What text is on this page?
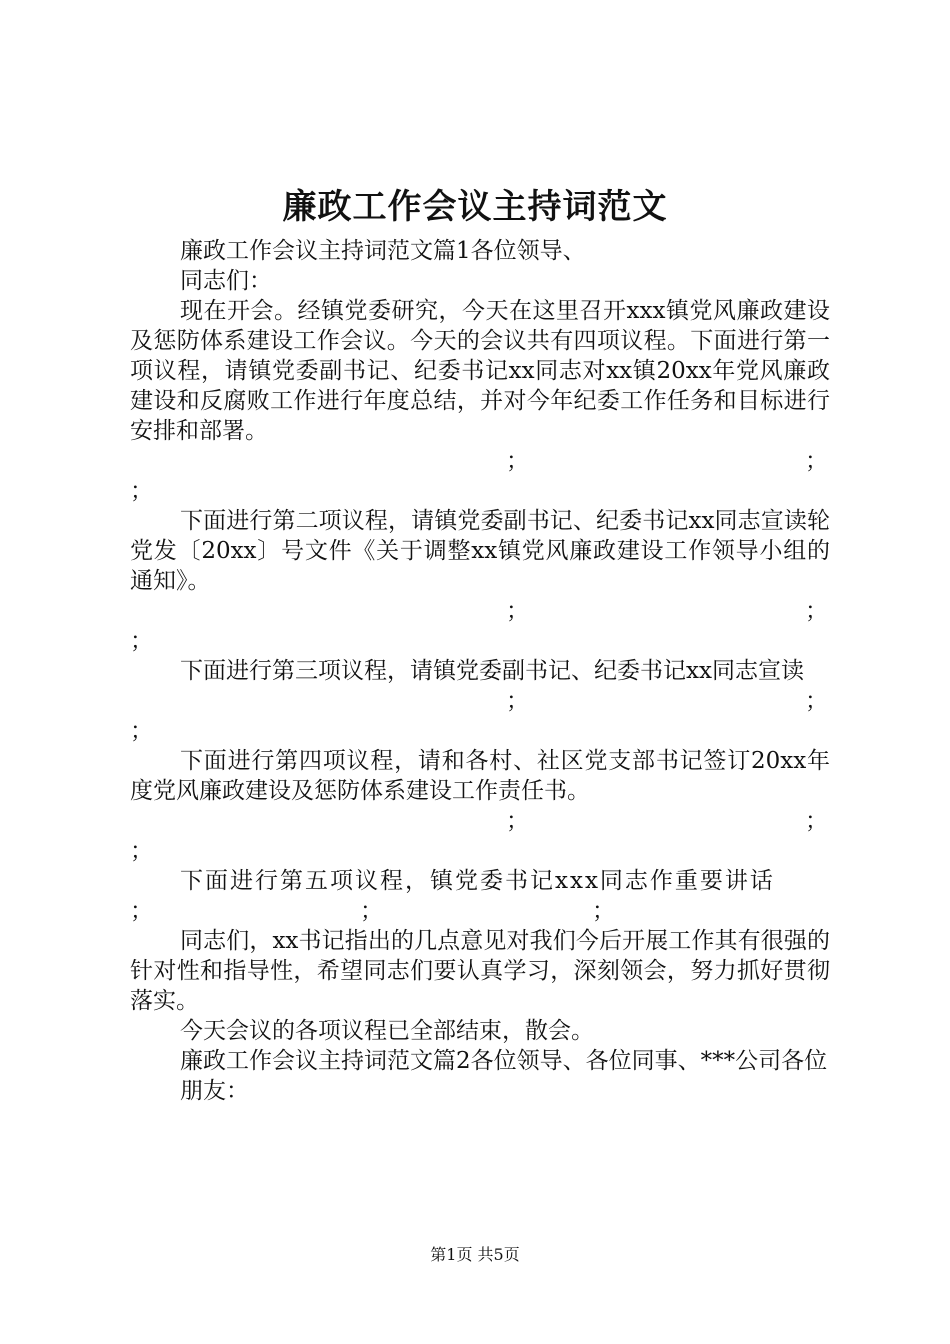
廉政工作会议主持词范文

廉政工作会议主持词范文篇1各位领导、

同志们：

现在开会。经镇党委研究，今天在这里召开xxx镇党风廉政建设及惩防体系建设工作会议。今天的会议共有四项议程。下面进行第一项议程，请镇党委副书记、纪委书记xx同志对xx镇20xx年党风廉政建设和反腐败工作进行年度总结，并对今年纪委工作任务和目标进行安排和部署。

；	；
；

下面进行第二项议程，请镇党委副书记、纪委书记xx同志宣读轮党发〔20xx〕号文件《关于调整xx镇党风廉政建设工作领导小组的通知》。

；	；
；

下面进行第三项议程，请镇党委副书记、纪委书记xx同志宣读

；	；
；

下面进行第四项议程，请和各村、社区党支部书记签订20xx年度党风廉政建设及惩防体系建设工作责任书。

；	；
；

下面进行第五项议程，镇党委书记xxx同志作重要讲话

；	；	；

同志们，xx书记指出的几点意见对我们今后开展工作其有很强的针对性和指导性，希望同志们要认真学习，深刻领会，努力抓好贯彻落实。

今天会议的各项议程已全部结束，散会。

廉政工作会议主持词范文篇2各位领导、各位同事、***公司各位

朋友：

第1页 共5页
